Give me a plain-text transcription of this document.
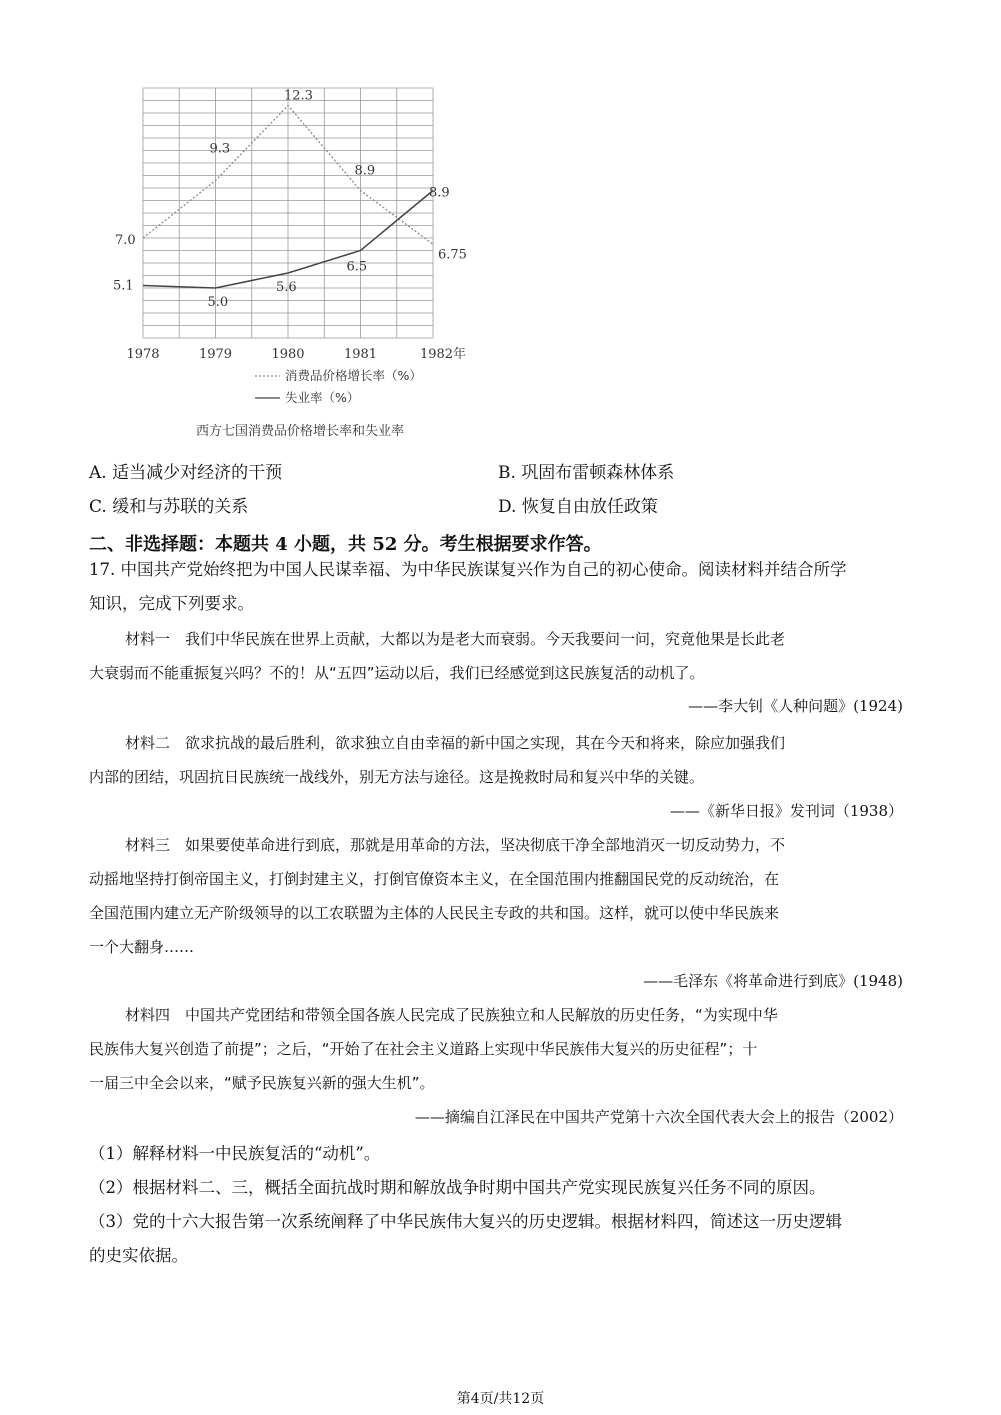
1978	1979	1980	1981	1982年
7.0
9.3
12.3
8.9
6.75
5.1
5.0
5.6
6.5
8.9
消费品价格增长率（%）
失业率（%）
西方七国消费品价格增长率和失业率
A. 适当减少对经济的干预	B. 巩固布雷顿森林体系
C. 缓和与苏联的关系	D. 恢复自由放任政策
二、非选择题：本题共 4 小题，共 52 分。考生根据要求作答。
17. 中国共产党始终把为中国人民谋幸福、为中华民族谋复兴作为自己的初心使命。阅读材料并结合所学
知识，完成下列要求。
材料一　我们中华民族在世界上贡献，大都以为是老大而衰弱。今天我要问一问，究竟他果是长此老
大衰弱而不能重振复兴吗？不的！从“五四”运动以后，我们已经感觉到这民族复活的动机了。
——李大钊《人种问题》(1924)
材料二　欲求抗战的最后胜利，欲求独立自由幸福的新中国之实现，其在今天和将来，除应加强我们
内部的团结，巩固抗日民族统一战线外，别无方法与途径。这是挽救时局和复兴中华的关键。
——《新华日报》发刊词（1938）
材料三　如果要使革命进行到底，那就是用革命的方法，坚决彻底干净全部地消灭一切反动势力，不
动摇地坚持打倒帝国主义，打倒封建主义，打倒官僚资本主义，在全国范围内推翻国民党的反动统治，在
全国范围内建立无产阶级领导的以工农联盟为主体的人民民主专政的共和国。这样，就可以使中华民族来
一个大翻身……
——毛泽东《将革命进行到底》(1948)
材料四　中国共产党团结和带领全国各族人民完成了民族独立和人民解放的历史任务，“为实现中华
民族伟大复兴创造了前提”；之后，“开始了在社会主义道路上实现中华民族伟大复兴的历史征程”；十
一届三中全会以来，“赋予民族复兴新的强大生机”。
——摘编自江泽民在中国共产党第十六次全国代表大会上的报告（2002）
（1）解释材料一中民族复活的“动机”。
（2）根据材料二、三，概括全面抗战时期和解放战争时期中国共产党实现民族复兴任务不同的原因。
（3）党的十六大报告第一次系统阐释了中华民族伟大复兴的历史逻辑。根据材料四，简述这一历史逻辑
的史实依据。
第4页/共12页
